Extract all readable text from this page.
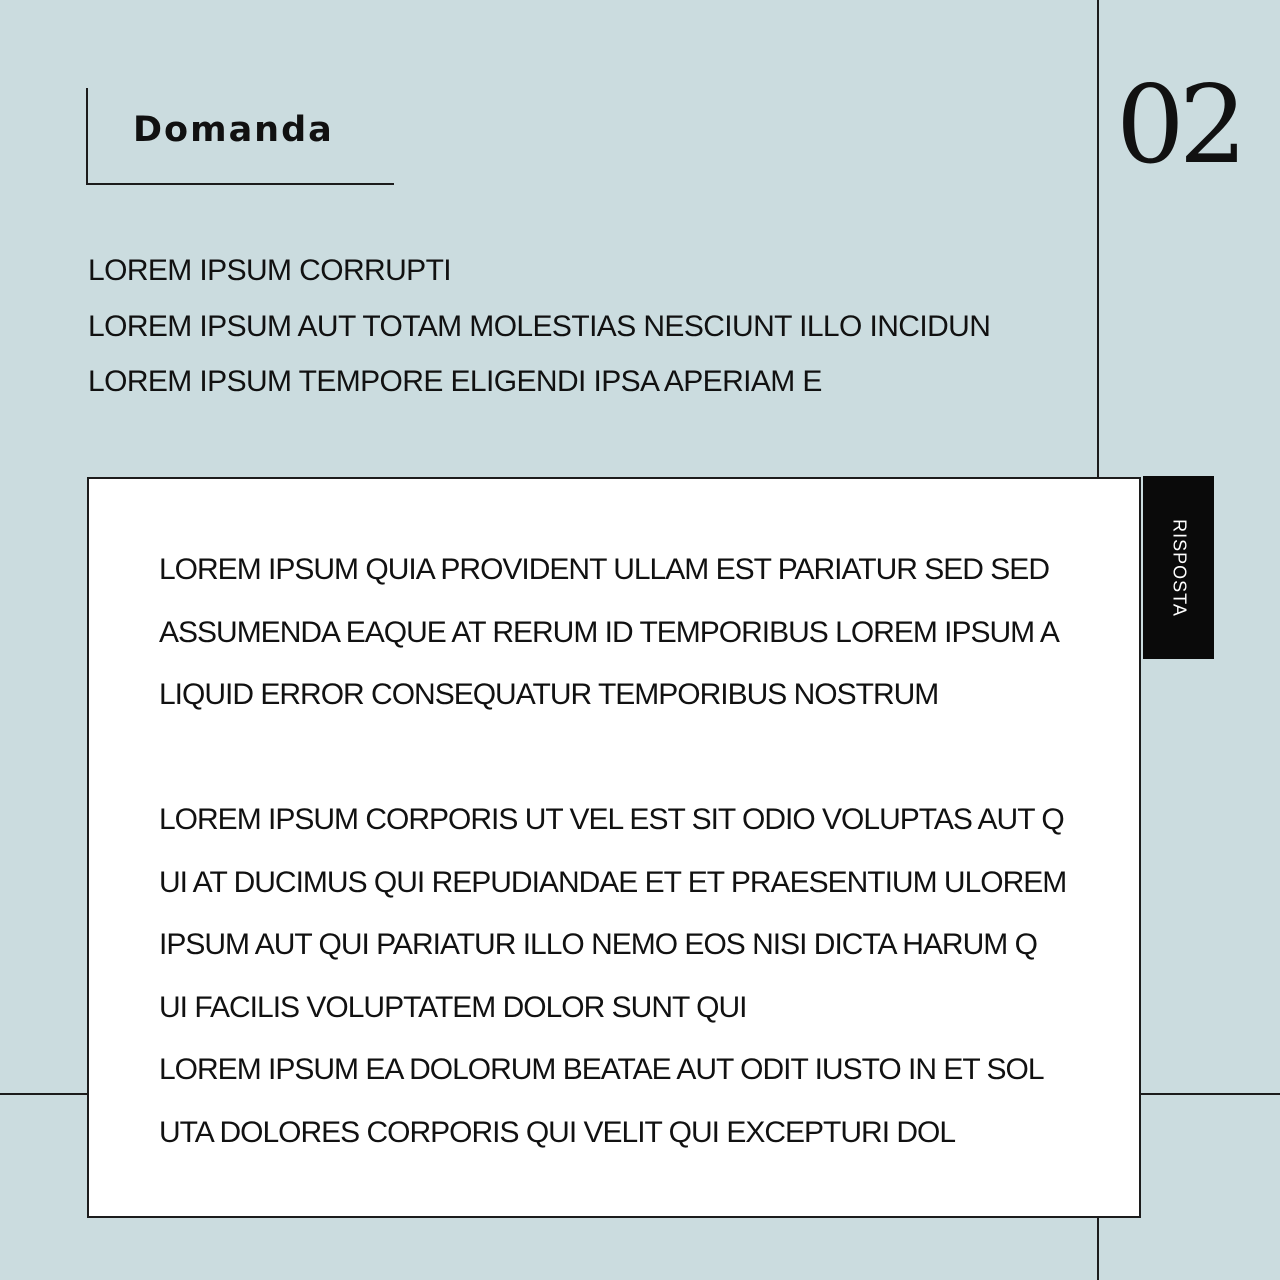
Domanda	02
LOREM IPSUM CORRUPTI
LOREM IPSUM AUT TOTAM MOLESTIAS NESCIUNT ILLO INCIDUN
LOREM IPSUM TEMPORE ELIGENDI IPSA APERIAM E
LOREM IPSUM QUIA PROVIDENT ULLAM EST PARIATUR SED SED
ASSUMENDA EAQUE AT RERUM ID TEMPORIBUS LOREM IPSUM A
LIQUID ERROR CONSEQUATUR TEMPORIBUS NOSTRUM
LOREM IPSUM CORPORIS UT VEL EST SIT ODIO VOLUPTAS AUT Q
UI AT DUCIMUS QUI REPUDIANDAE ET ET PRAESENTIUM ULOREM
IPSUM AUT QUI PARIATUR ILLO NEMO EOS NISI DICTA HARUM Q
UI FACILIS VOLUPTATEM DOLOR SUNT QUI
LOREM IPSUM EA DOLORUM BEATAE AUT ODIT IUSTO IN ET SOL
UTA DOLORES CORPORIS QUI VELIT QUI EXCEPTURI DOL
RISPOSTA
